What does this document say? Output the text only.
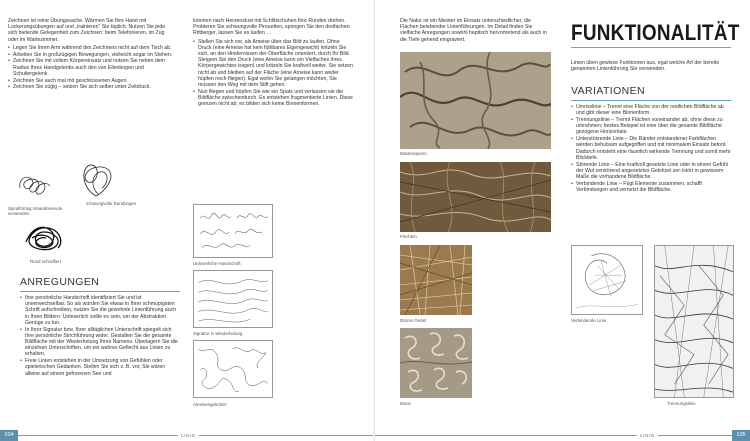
Zeichnen ist reine Übungssache. Wärmen Sie Ihre Hand mit Lockerungsübungen auf und „trainieren“ Sie täglich. Nutzen Sie jede sich bietende Gelegenheit zum Zeichnen: beim Telefonieren, im Zug oder im Wartezimmer.

• Legen Sie Ihren Arm während des Zeichnens nicht auf dem Tisch ab.
• Arbeiten Sie in großzügigen Bewegungen, vielleicht sogar im Stehen.
• Zeichnen Sie mit vollem Körpereinsatz und nutzen Sie neben dem Radius Ihres Handgelenks auch den von Ellenbogen und Schultergelenk.
• Zeichnen Sie auch mal mit geschlossenen Augen.
• Zeichnen Sie zügig – setzen Sie sich selber unter Zeitdruck.
Spiralförmig mäandrierende verwenden
schwungvolle Rundungen
Rund schraffiert
ANREGUNGEN
• Ihre persönliche Handschrift identifiziert Sie und ist unverwechselbar. So als würden Sie etwas in Ihrer schmupigsten Schrift aufschreiben, nutzen Sie die gewohnte Linienführung auch in Ihren Bildern. Unleserlich sollte es sein, um der Abstraktion Genüge zu tun.
• In Ihrer Signatur bzw. Ihrer alltäglichen Unterschrift spiegelt sich Ihre persönliche Strichführung wider. Gestalten Sie die gesamte Bildfläche mit der Wiederholung Ihres Namens. Überlagern Sie die einzelnen Unterschriften, um ein wahres Geflecht aus Linien zu erhalten.
• Freie Linien entstehen in der Umsetzung von Gefühlen oder spielerischen Gedanken. Stellen Sie sich z. B. vor, Sie wären alleine auf einem gefrorenen See und

könnten nach Herzenslust mit Schlittschuhen Ihre Runden drehen. Probieren Sie schwungvolle Pirouetten, springen Sie den dreifachen Rittberger, lassen Sie es laufen …

• Stellen Sie sich vor, als Ameise über das Bild zu laufen. Ohne Druck (eine Ameise hat kein fühlbares Eigengewicht) kritzeln Sie sich, an den Hindernissen der Oberfläche orientiert, durch Ihr Bild. Steigern Sie den Druck (eine Ameise kann ein Vielfaches ihres Körpergewichtes tragen) und kritzeln Sie kraftvoll weiter. Sie setzen nicht ab und bleiben auf der Fläche (eine Ameise kann weder hüpfen noch fliegen). Egal wohin Sie gelangen möchten, Sie müssen den Weg mit dem Stift gehen.
• Nun fliegen und hüpfen Sie wie ein Spatz und verlassen sie die Bildfläche zwischendurch. Es entstehen fragmentierte Linien. Diese grenzen nicht ab; es bilden sich keine Binnenformen.
Unleserliche Handschrift
Signatur in Wiederholung
Ameisengekritzel
104	LINIE

Die Natur ist ein Meister im Einsatz unterschiedlicher, die Flächen belebender Linienführungen. Im Detail finden Sie vielfache Anregungen sowohl haptisch hervortretend als auch in die Tiefe gehend eingraviert.

Madenspuren
Flechten
Dürres Geäst
Moos
FUNKTIONALITÄT

Linien üben gewisse Funktionen aus, egal welche Art der bereits genannten Linienführung Sie verwenden.

VARIATIONEN
• Umrisslinie – Trennt eine Fläche von der restlichen Bildfläche ab und gibt dieser eine Binnenform.
• Trennungslinie – Trennt Flächen voneinander ab, ohne diese zu umrahmen; bestes Beispiel ist eine über die gesamte Bildfläche gezogene Horizontale.
• Unterstützende Linie – Die Ränder entstandener Farbflächen werden behutsam aufgegriffen und mit minimalem Einsatz betont. Dadurch entsteht eine räumlich wirkende Trennung und somit mehr Blicktiefe.
• Störende Linie – Eine kraftvoll gesetzte Linie oder in einem Gefühl der Wut zerstörend angesetztes Gekritzel zer-/stört in gewissem Maße die vorhandene Bildfläche.
• Verbindende Linie – Fügt Elemente zusammen, schafft Verbindungen und vernetzt die Bildfläche.
Verbindende Linie
Trennungslinie
LINIE	105
